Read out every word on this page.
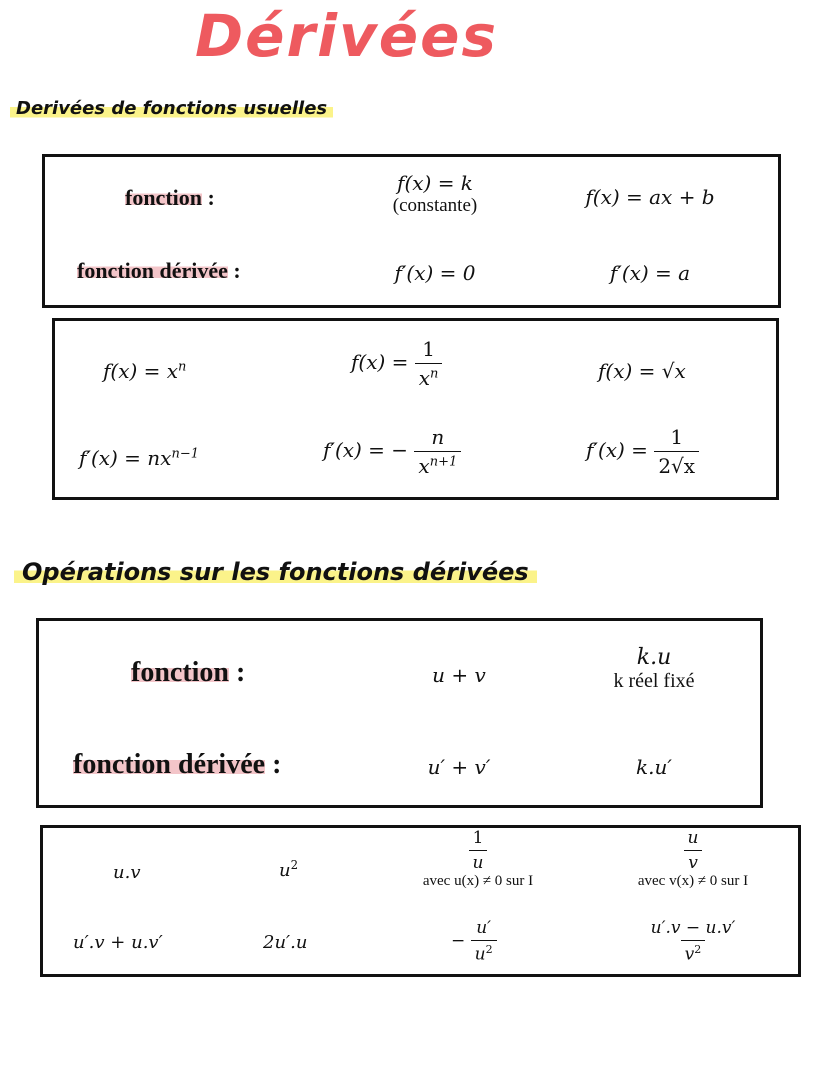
Dérivées
Derivées de fonctions usuelles
fonction :
fonction dérivée :
f(x) = k
(constante)
f′(x) = 0
f(x) = ax + b
f′(x) = a
$f(x) = x^n$
$f'(x) = nx^{n-1}$
$f(x) = \frac{1}{x^n}$
f′(x) = − $\frac{n}{x^{n+1}}$
f(x) = √x
$f'(x) = \frac{1}{2√x}$
Opérations sur les fonctions dérivées
fonction :
fonction dérivée :
u + v
u′ + v′
k.u
k réel fixé
k.u′
u.v
u′.v + u.v′
$u^2$
2u′.u
$\frac{1}{u}$
avec u(x) ≠ 0 sur I
− $\frac{u'}{u^2}$
$\frac{u}{v}$
avec v(x) ≠ 0 sur I
$\frac{u'.v - u.v'}{v^2}$
